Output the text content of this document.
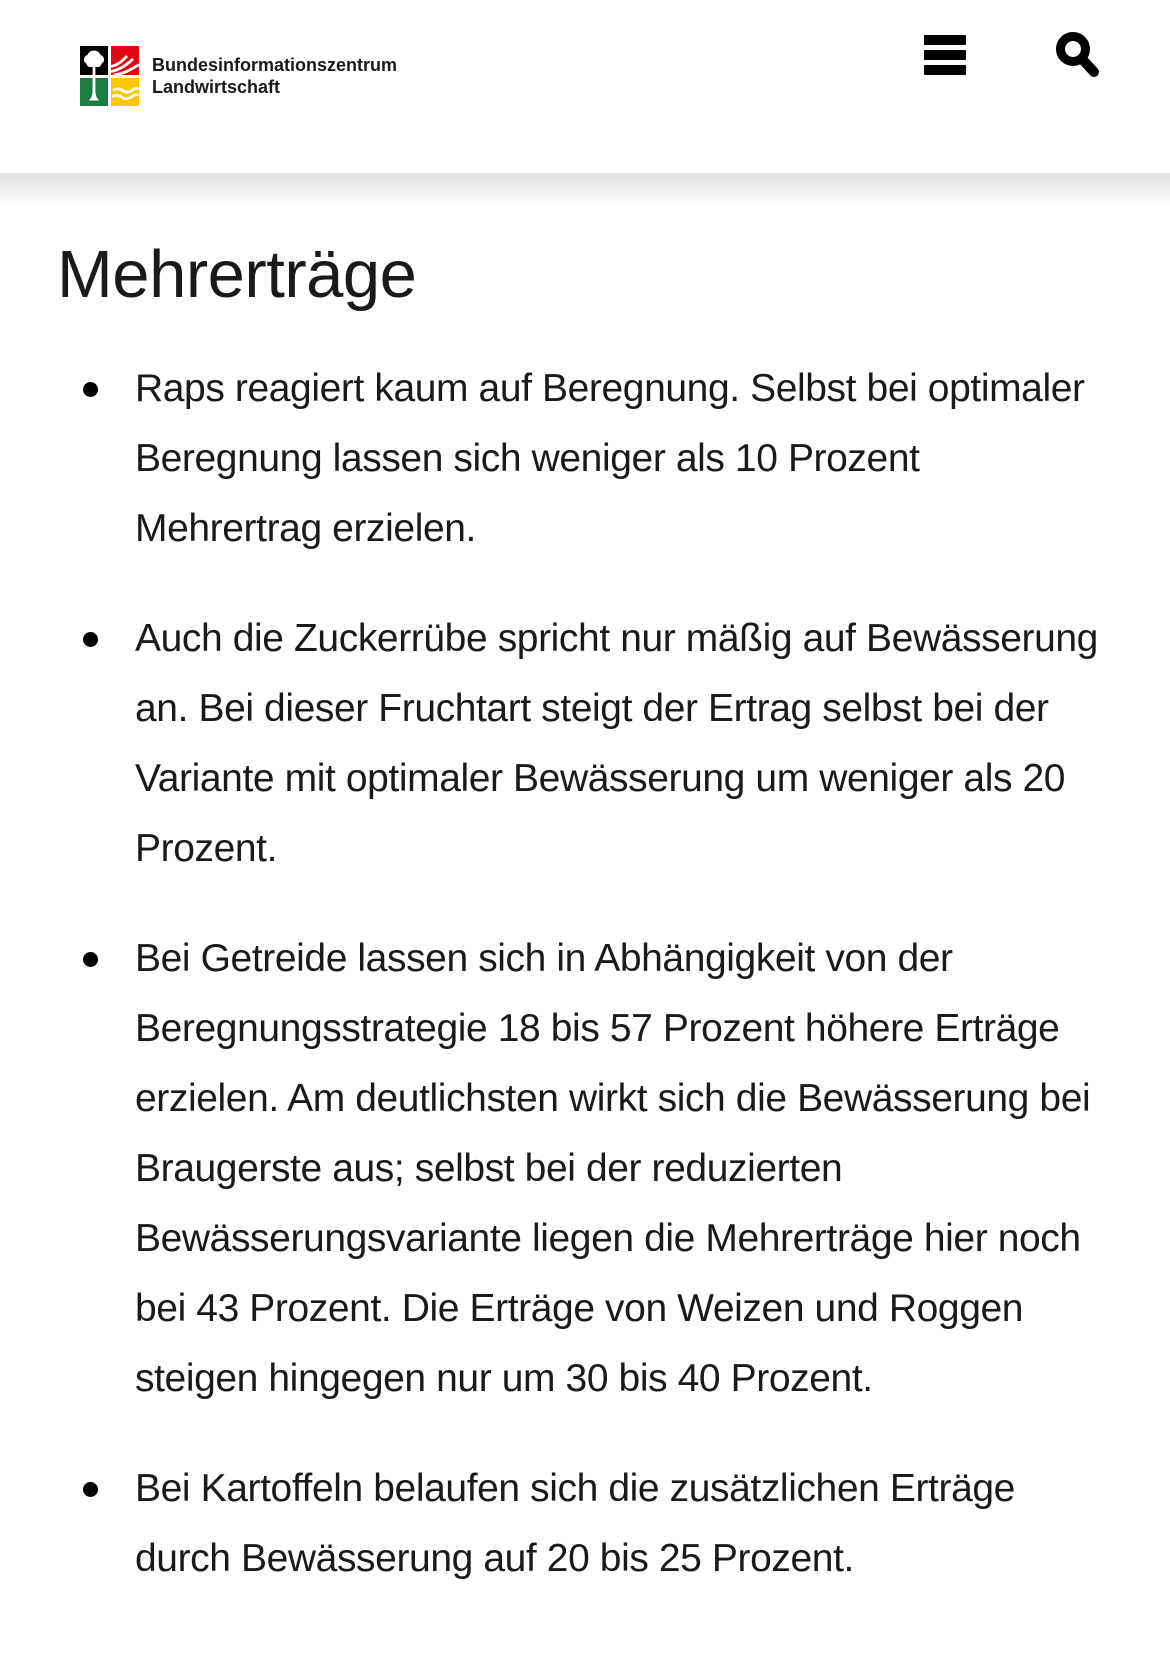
Bundesinformationszentrum
Landwirtschaft
Mehrerträge
Raps reagiert kaum auf Beregnung. Selbst bei optimaler Beregnung lassen sich weniger als 10 Prozent Mehrertrag erzielen.
Auch die Zuckerrübe spricht nur mäßig auf Bewässerung an. Bei dieser Fruchtart steigt der Ertrag selbst bei der Variante mit optimaler Bewässerung um weniger als 20 Prozent.
Bei Getreide lassen sich in Abhängigkeit von der Beregnungsstrategie 18 bis 57 Prozent höhere Erträge erzielen. Am deutlichsten wirkt sich die Bewässerung bei Braugerste aus; selbst bei der reduzierten Bewässerungsvariante liegen die Mehrerträge hier noch bei 43 Prozent. Die Erträge von Weizen und Roggen steigen hingegen nur um 30 bis 40 Prozent.
Bei Kartoffeln belaufen sich die zusätzlichen Erträge durch Bewässerung auf 20 bis 25 Prozent.
